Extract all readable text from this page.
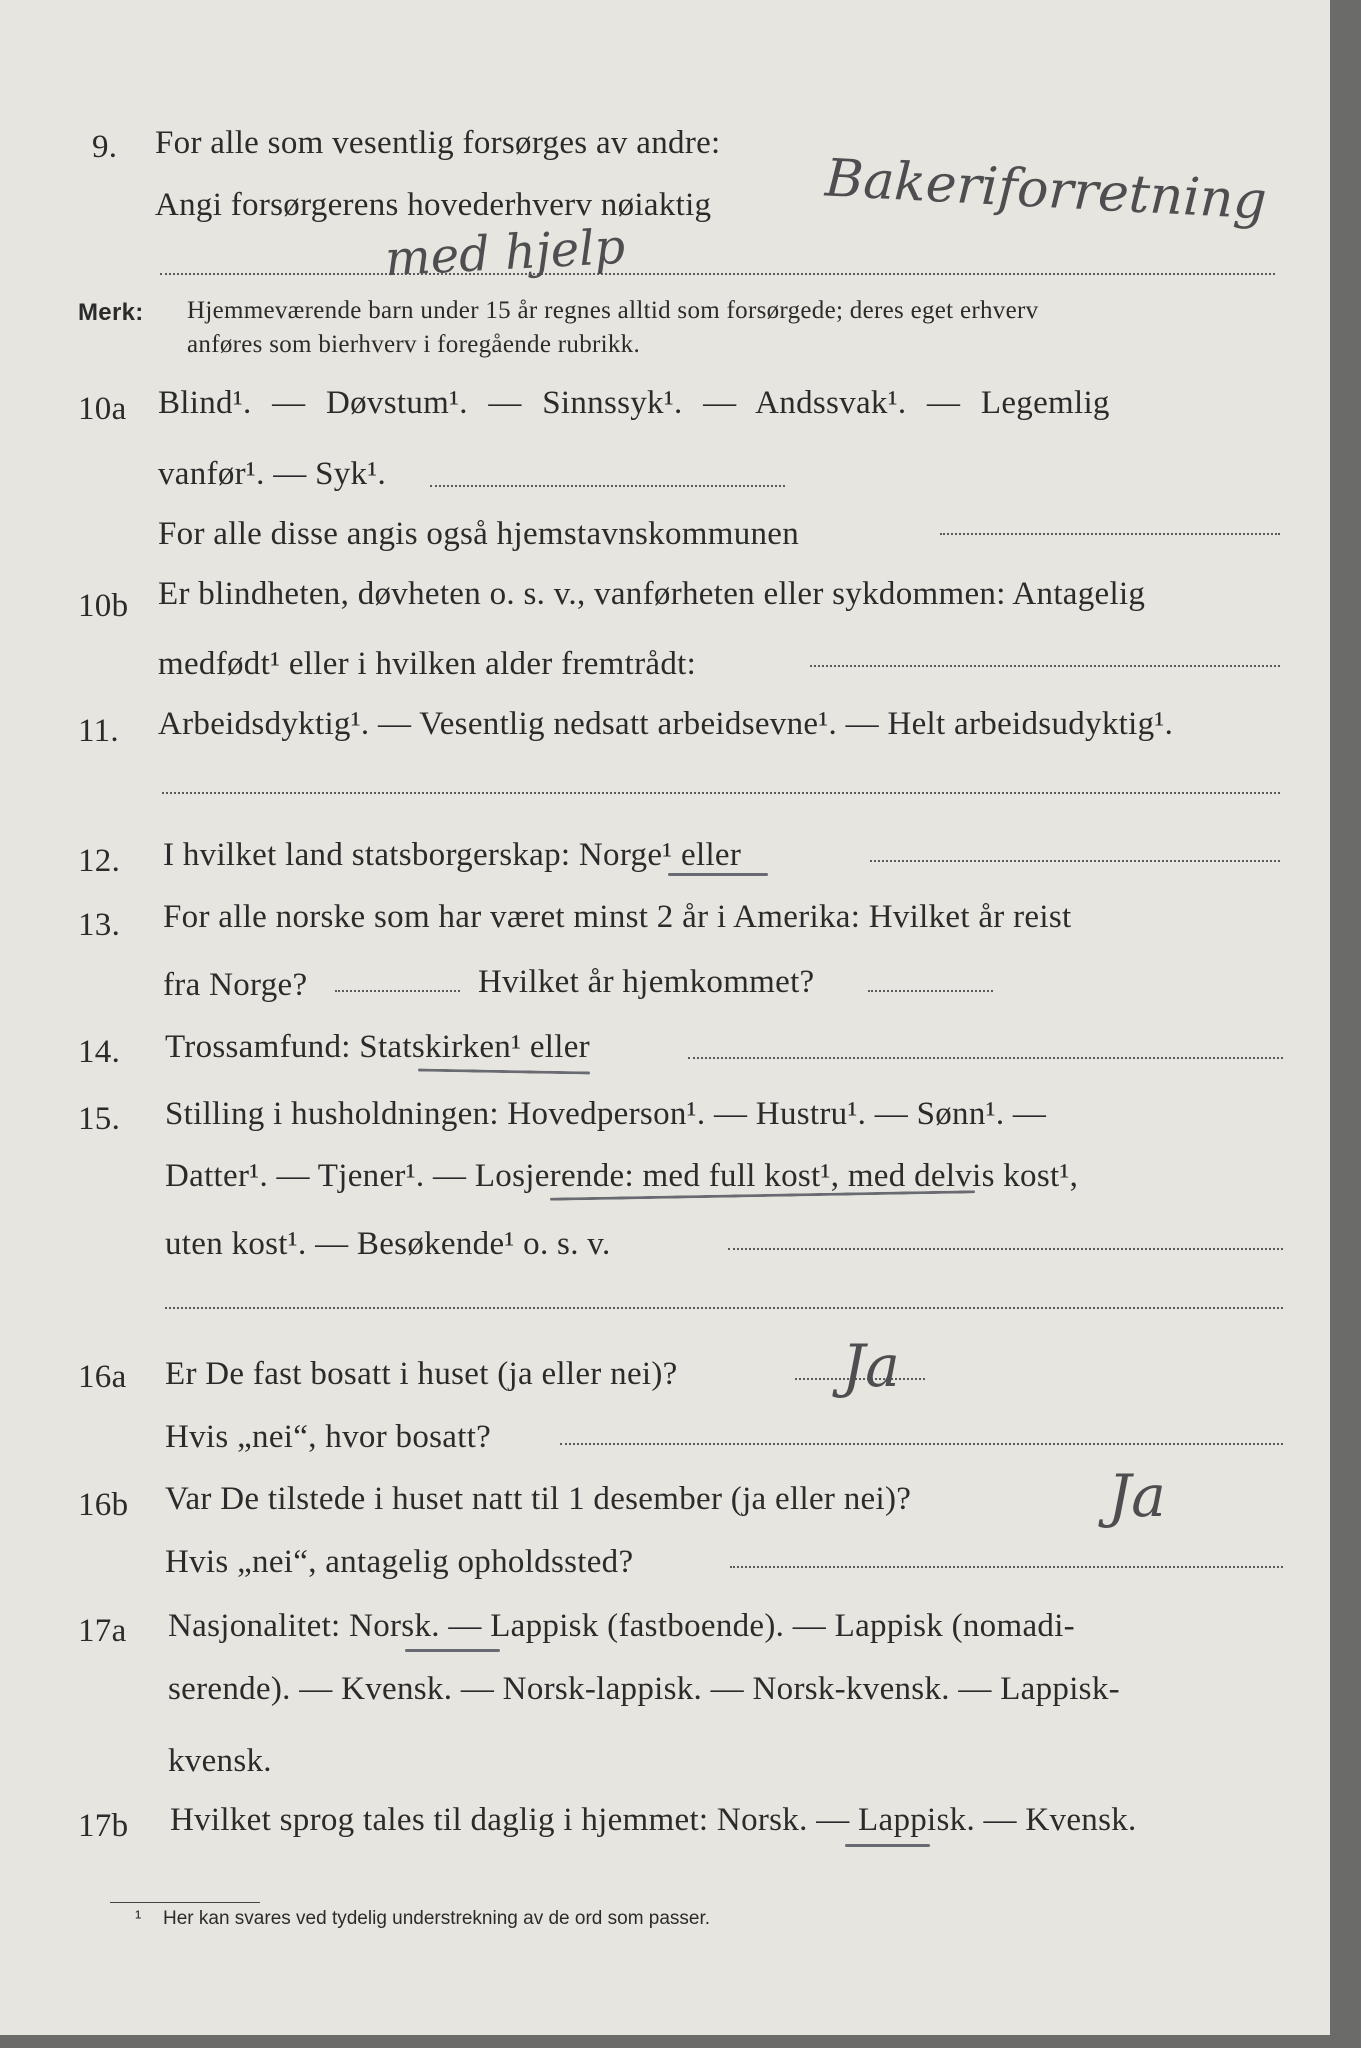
9. For alle som vesentlig forsørges av andre:
Angi forsørgerens hovederhverv nøiaktig Bakeriforretning
med hjelp
Merk: Hjemmeværende barn under 15 år regnes alltid som forsørgede; deres eget erhverv
anføres som bierhverv i foregående rubrikk.
10a Blind¹. — Døvstum¹. — Sinnssyk¹. — Andssvak¹. — Legemlig
vanfør¹. — Syk¹.
For alle disse angis også hjemstavnskommunen
10b Er blindheten, døvheten o. s. v., vanførheten eller sykdommen: Antagelig
medfødt¹ eller i hvilken alder fremtrådt:
11. Arbeidsdyktig¹. — Vesentlig nedsatt arbeidsevne¹. — Helt arbeidsudyktig¹.
12. I hvilket land statsborgerskap: Norge¹ eller
13. For alle norske som har været minst 2 år i Amerika: Hvilket år reist
fra Norge?	Hvilket år hjemkommet?
14. Trossamfund: Statskirken¹ eller
15. Stilling i husholdningen: Hovedperson¹. — Hustru¹. — Sønn¹. —
Datter¹. — Tjener¹. — Losjerende: med full kost¹, med delvis kost¹,
uten kost¹. — Besøkende¹ o. s. v.
16a Er De fast bosatt i huset (ja eller nei)?	Ja
Hvis „nei“, hvor bosatt?
16b Var De tilstede i huset natt til 1 desember (ja eller nei)?	Ja
Hvis „nei“, antagelig opholdssted?
17a Nasjonalitet: Norsk. — Lappisk (fastboende). — Lappisk (nomadi-
serende). — Kvensk. — Norsk-lappisk. — Norsk-kvensk. — Lappisk-
kvensk.
17b Hvilket sprog tales til daglig i hjemmet: Norsk. — Lappisk. — Kvensk.
¹ Her kan svares ved tydelig understrekning av de ord som passer.
